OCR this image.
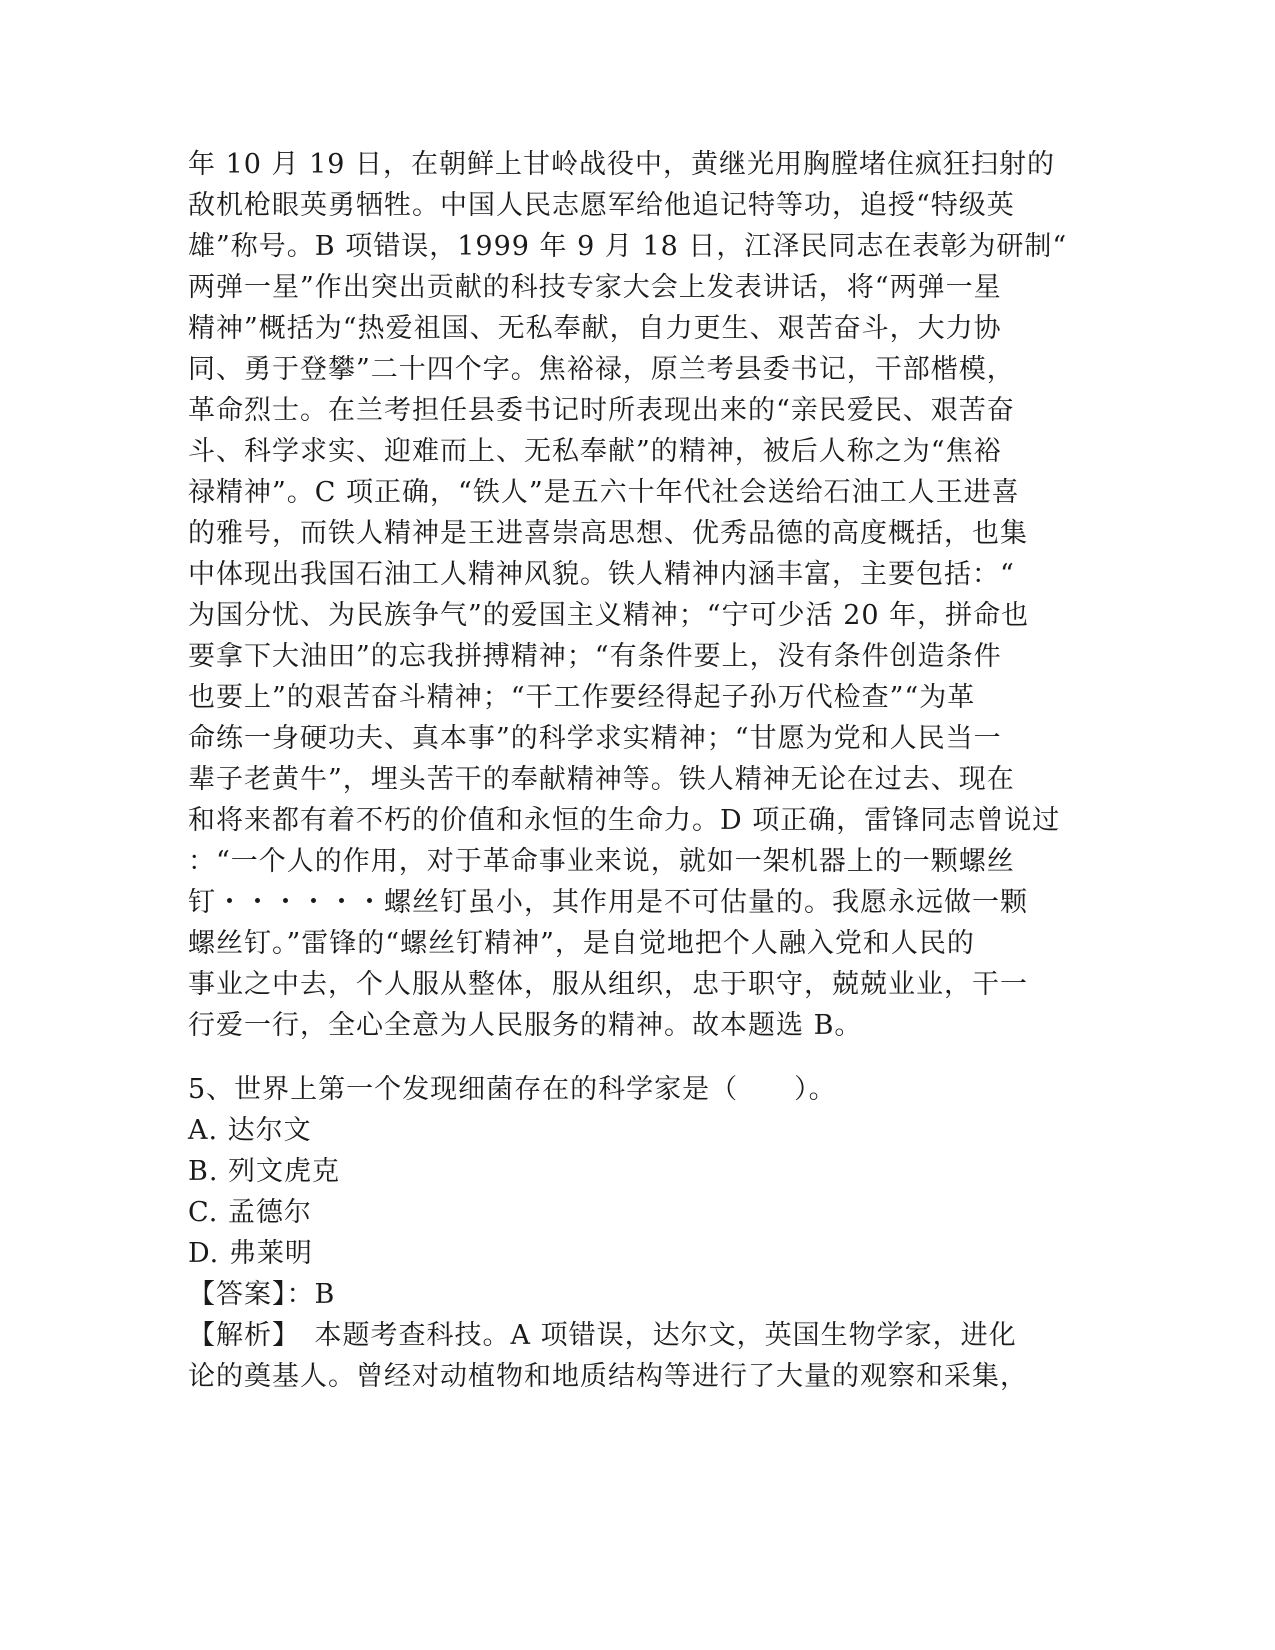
年 10 月 19 日，在朝鲜上甘岭战役中，黄继光用胸膛堵住疯狂扫射的
敌机枪眼英勇牺牲。中国人民志愿军给他追记特等功，追授“特级英
雄”称号。B 项错误，1999 年 9 月 18 日，江泽民同志在表彰为研制“
两弹一星”作出突出贡献的科技专家大会上发表讲话，将“两弹一星
精神”概括为“热爱祖国、无私奉献，自力更生、艰苦奋斗，大力协
同、勇于登攀”二十四个字。焦裕禄，原兰考县委书记，干部楷模，
革命烈士。在兰考担任县委书记时所表现出来的“亲民爱民、艰苦奋
斗、科学求实、迎难而上、无私奉献”的精神，被后人称之为“焦裕
禄精神”。C 项正确，“铁人”是五六十年代社会送给石油工人王进喜
的雅号，而铁人精神是王进喜崇高思想、优秀品德的高度概括，也集
中体现出我国石油工人精神风貌。铁人精神内涵丰富，主要包括：“
为国分忧、为民族争气”的爱国主义精神；“宁可少活 20 年，拼命也
要拿下大油田”的忘我拼搏精神；“有条件要上，没有条件创造条件
也要上”的艰苦奋斗精神；“干工作要经得起子孙万代检查”“为革
命练一身硬功夫、真本事”的科学求实精神；“甘愿为党和人民当一
辈子老黄牛”，埋头苦干的奉献精神等。铁人精神无论在过去、现在
和将来都有着不朽的价值和永恒的生命力。D 项正确，雷锋同志曾说过
：“一个人的作用，对于革命事业来说，就如一架机器上的一颗螺丝
钉・・・・・・螺丝钉虽小，其作用是不可估量的。我愿永远做一颗
螺丝钉。”雷锋的“螺丝钉精神”，是自觉地把个人融入党和人民的
事业之中去，个人服从整体，服从组织，忠于职守，兢兢业业，干一
行爱一行，全心全意为人民服务的精神。故本题选 B。
5、世界上第一个发现细菌存在的科学家是（　　）。
A. 达尔文
B. 列文虎克
C. 孟德尔
D. 弗莱明
【答案】：B
【解析】　本题考查科技。A 项错误，达尔文，英国生物学家，进化
论的奠基人。曾经对动植物和地质结构等进行了大量的观察和采集，
